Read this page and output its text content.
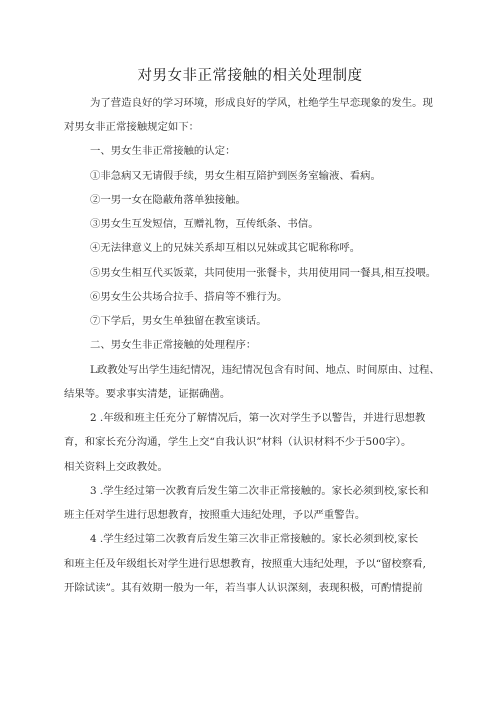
对男女非正常接触的相关处理制度

为了营造良好的学习环境，形成良好的学风，杜绝学生早恋现象的发生。现

对男女非正常接触规定如下：

一、男女生非正常接触的认定：

①非急病又无请假手续，男女生相互陪护到医务室输液、看病。

②一男一女在隐蔽角落单独接触。

③男女生互发短信，互赠礼物，互传纸条、书信。

④无法律意义上的兄妹关系却互相以兄妹或其它昵称称呼。

⑤男女生相互代买饭菜，共同使用一张餐卡，共用使用同一餐具,相互投喂。

⑥男女生公共场合拉手、搭肩等不雅行为。

⑦下学后，男女生单独留在教室谈话。

二、男女生非正常接触的处理程序：

L政教处写出学生违纪情况，违纪情况包含有时间、地点、时间原由、过程、

结果等。要求事实清楚，证据确凿。

2 .年级和班主任充分了解情况后，第一次对学生予以警告，并进行思想教

育，和家长充分沟通，学生上交“自我认识”材料（认识材料不少于500字）。

相关资料上交政教处。

3 .学生经过第一次教育后发生第二次非正常接触的。家长必须到校,家长和

班主任对学生进行思想教育，按照重大违纪处理，予以严重警告。

4 .学生经过第二次教育后发生第三次非正常接触的。家长必须到校,家长

和班主任及年级组长对学生进行思想教育，按照重大违纪处理，予以“留校察看,

开除试读”。其有效期一般为一年，若当事人认识深刻，表现积极，可酌情提前
